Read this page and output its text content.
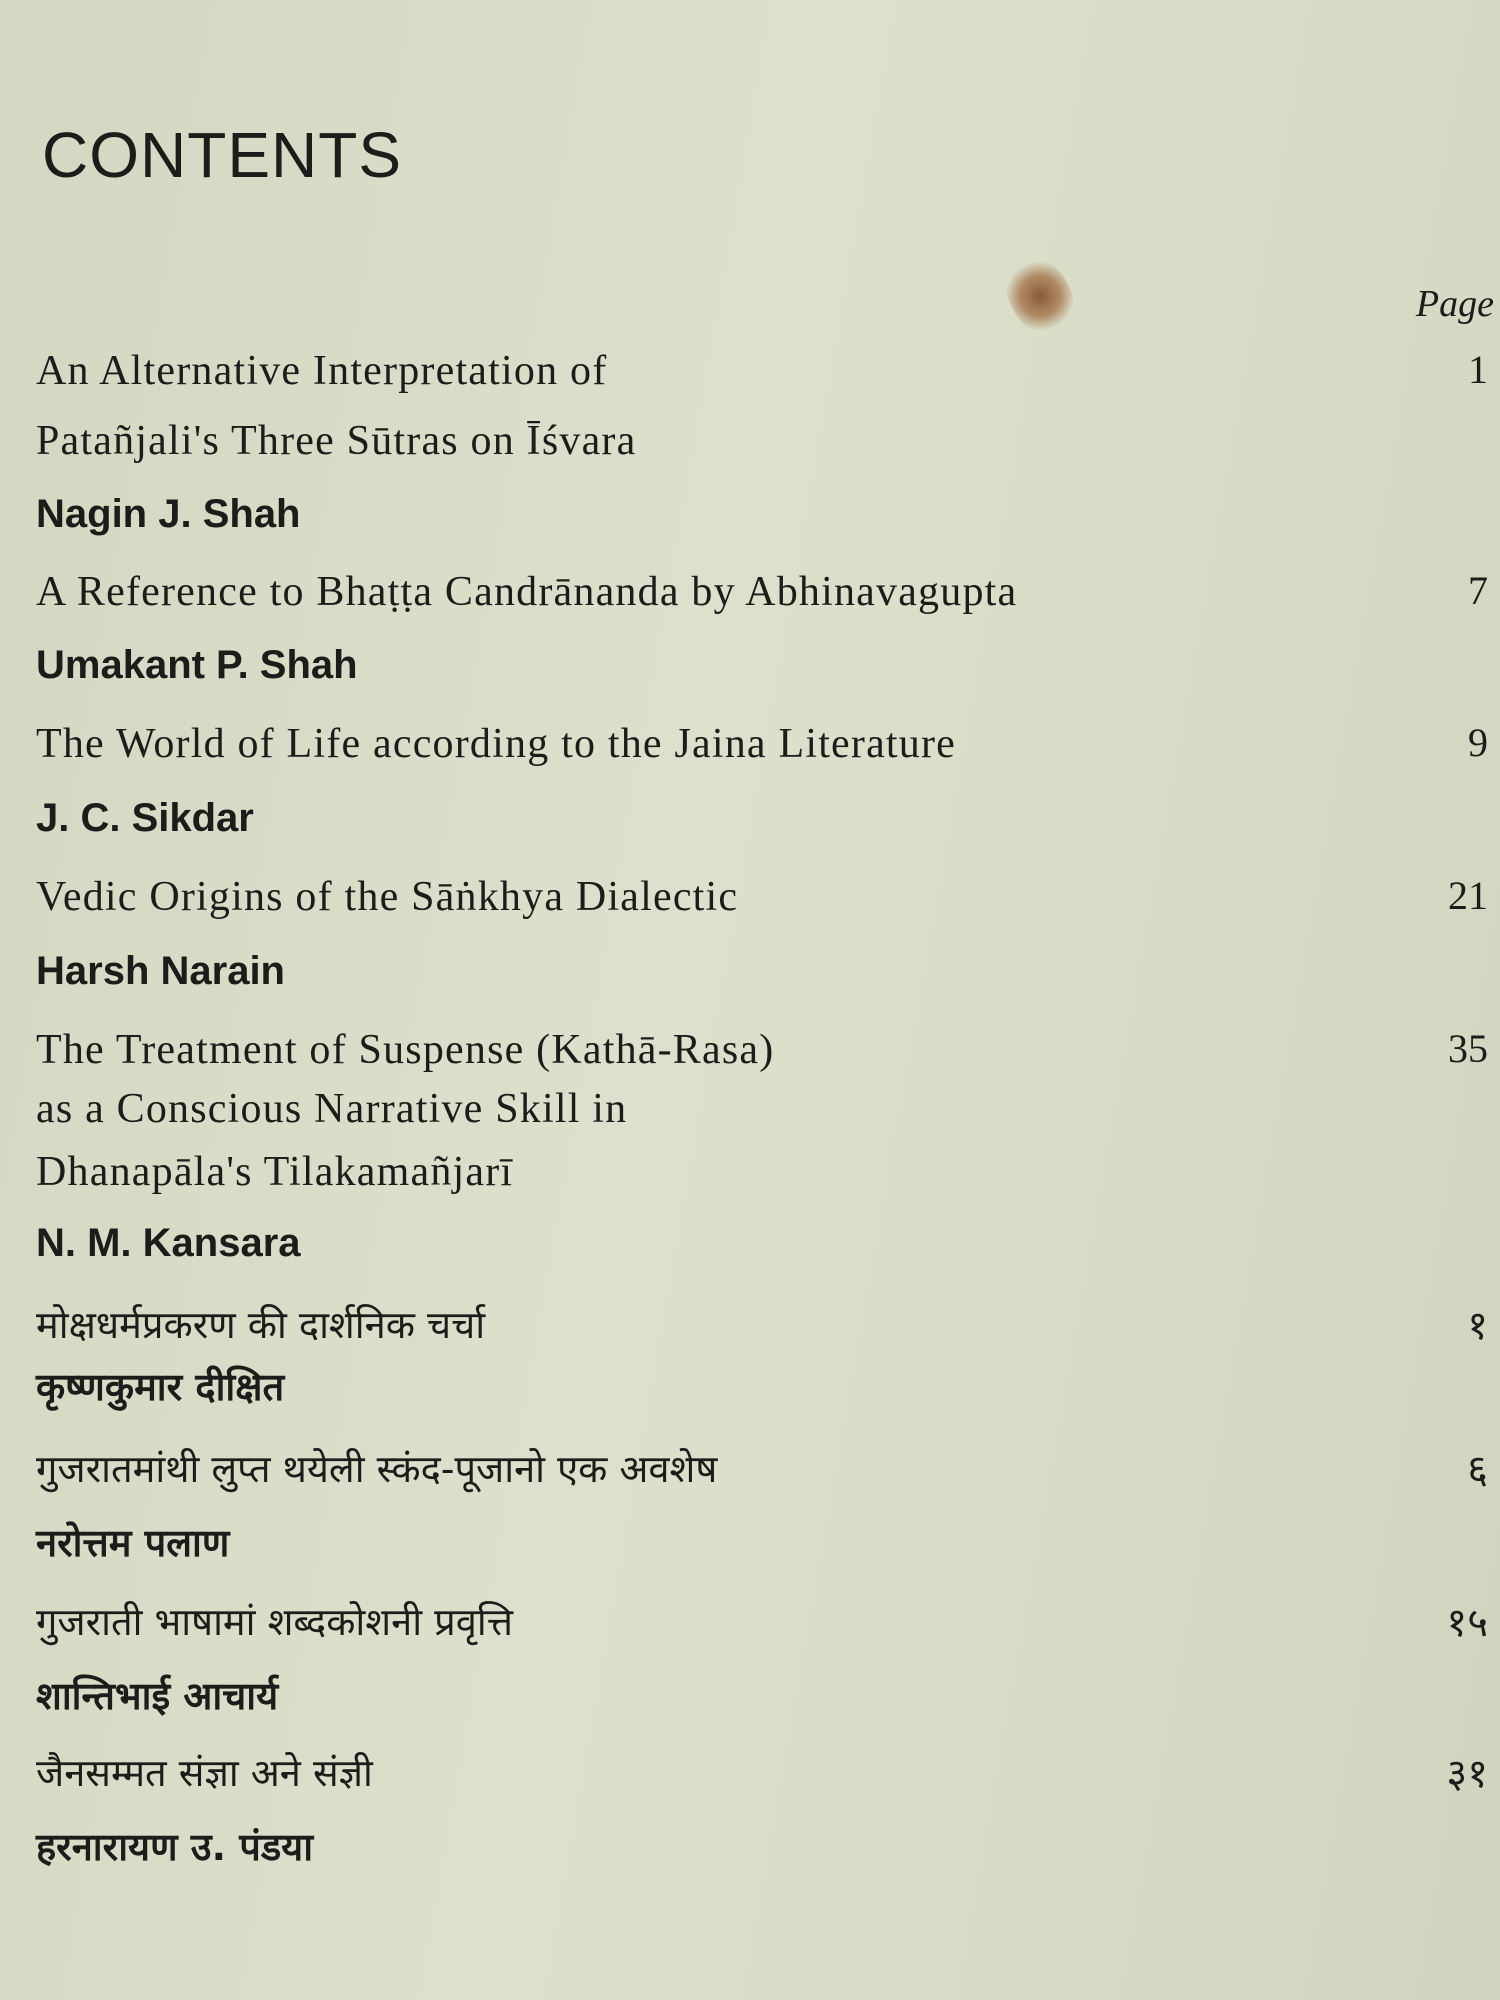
CONTENTS
Page
An Alternative Interpretation of
Patañjali's Three Sūtras on Īśvara
Nagin J. Shah
1
A Reference to Bhaṭṭa Candrānanda by Abhinavagupta
Umakant P. Shah
7
The World of Life according to the Jaina Literature
J. C. Sikdar
9
Vedic Origins of the Sāṅkhya Dialectic
Harsh Narain
21
The Treatment of Suspense (Kathā-Rasa)
as a Conscious Narrative Skill in
Dhanapāla's Tilakamañjarī
N. M. Kansara
35
मोक्षधर्मप्रकरण की दार्शनिक चर्चा
कृष्णकुमार दीक्षित
१
गुजरातमांथी लुप्त थयेली स्कंद-पूजानो एक अवशेष
नरोत्तम पलाण
६
गुजराती भाषामां शब्दकोशनी प्रवृत्ति
शान्तिभाई आचार्य
१५
जैनसम्मत संज्ञा अने संज्ञी
हरनारायण उ. पंडया
३१
